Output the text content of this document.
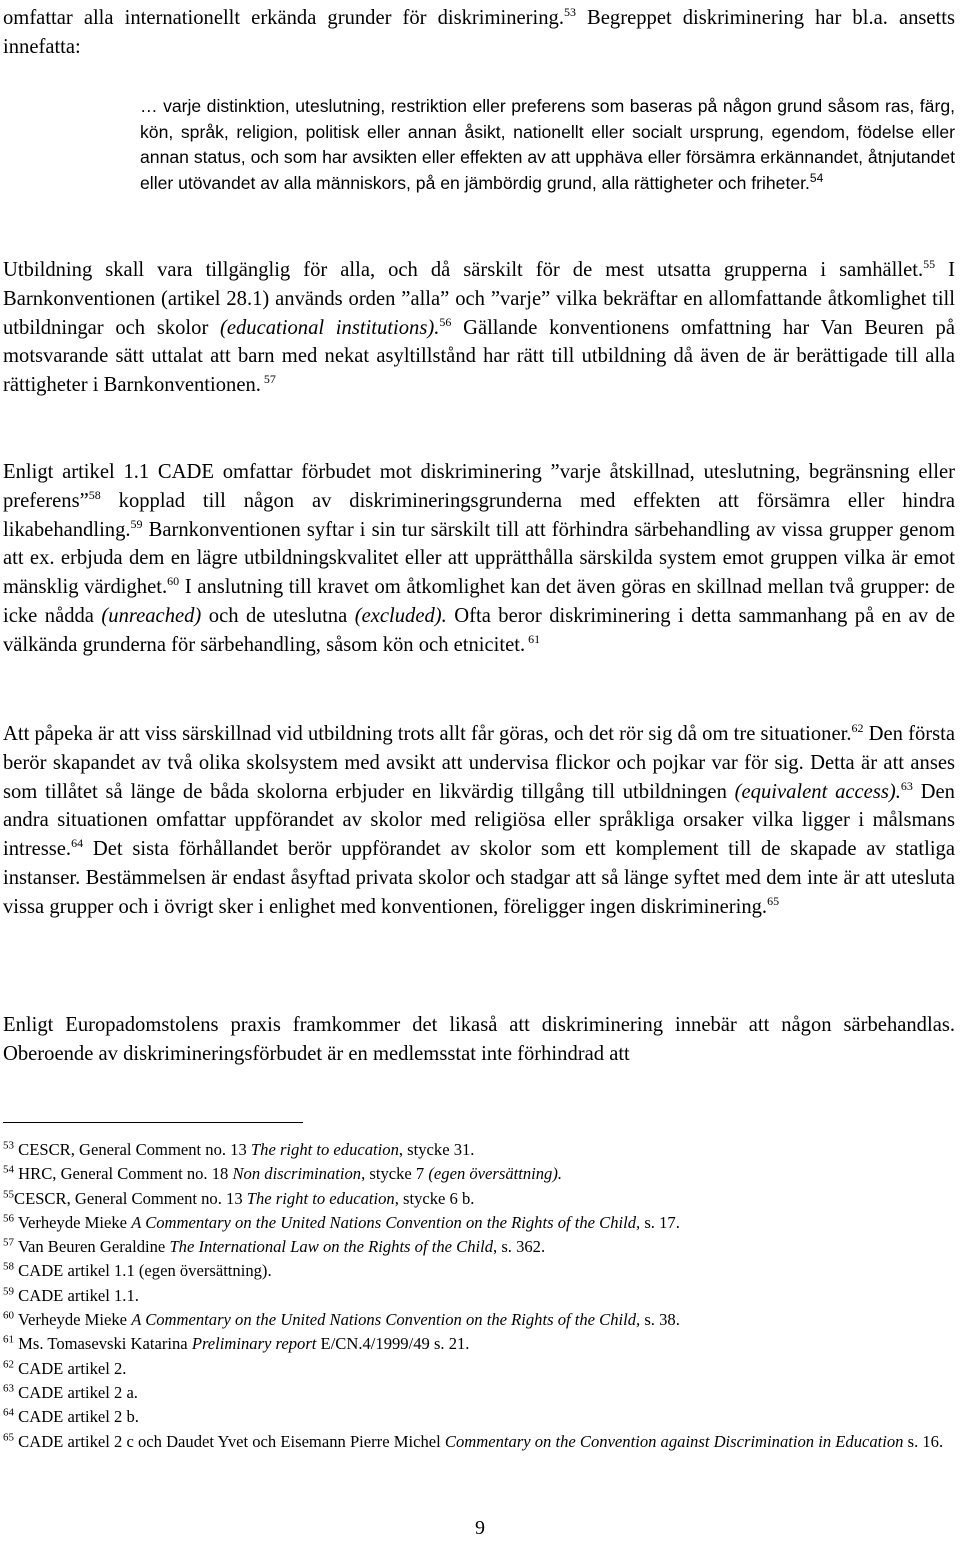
omfattar alla internationellt erkända grunder för diskriminering.$^{53}$ Begreppet diskriminering har bl.a. ansetts innefatta:

… varje distinktion, uteslutning, restriktion eller preferens som baseras på någon grund såsom ras, färg, kön, språk, religion, politisk eller annan åsikt, nationellt eller socialt ursprung, egendom, födelse eller annan status, och som har avsikten eller effekten av att upphäva eller försämra erkännandet, åtnjutandet eller utövandet av alla människors, på en jämbördig grund, alla rättigheter och friheter.$^{54}$

Utbildning skall vara tillgänglig för alla, och då särskilt för de mest utsatta grupperna i samhället.$^{55}$ I Barnkonventionen (artikel 28.1) används orden ”alla” och ”varje” vilka bekräftar en allomfattande åtkomlighet till utbildningar och skolor (educational institutions).$^{56}$ Gällande konventionens omfattning har Van Beuren på motsvarande sätt uttalat att barn med nekat asyltillstånd har rätt till utbildning då även de är berättigade till alla rättigheter i Barnkonventionen. $^{57}$

Enligt artikel 1.1 CADE omfattar förbudet mot diskriminering ”varje åtskillnad, uteslutning, begränsning eller preferens”$^{58}$ kopplad till någon av diskrimineringsgrunderna med effekten att försämra eller hindra likabehandling.$^{59}$ Barnkonventionen syftar i sin tur särskilt till att förhindra särbehandling av vissa grupper genom att ex. erbjuda dem en lägre utbildningskvalitet eller att upprätthålla särskilda system emot gruppen vilka är emot mänsklig värdighet.$^{60}$ I anslutning till kravet om åtkomlighet kan det även göras en skillnad mellan två grupper: de icke nådda (unreached) och de uteslutna (excluded). Ofta beror diskriminering i detta sammanhang på en av de välkända grunderna för särbehandling, såsom kön och etnicitet. $^{61}$

Att påpeka är att viss särskillnad vid utbildning trots allt får göras, och det rör sig då om tre situationer.$^{62}$ Den första berör skapandet av två olika skolsystem med avsikt att undervisa flickor och pojkar var för sig. Detta är att anses som tillåtet så länge de båda skolorna erbjuder en likvärdig tillgång till utbildningen (equivalent access).$^{63}$ Den andra situationen omfattar uppförandet av skolor med religiösa eller språkliga orsaker vilka ligger i målsmans intresse.$^{64}$ Det sista förhållandet berör uppförandet av skolor som ett komplement till de skapade av statliga instanser. Bestämmelsen är endast åsyftad privata skolor och stadgar att så länge syftet med dem inte är att utesluta vissa grupper och i övrigt sker i enlighet med konventionen, föreligger ingen diskriminering.$^{65}$

Enligt Europadomstolens praxis framkommer det likaså att diskriminering innebär att någon särbehandlas. Oberoende av diskrimineringsförbudet är en medlemsstat inte förhindrad att

$^{53}$ CESCR, General Comment no. 13 The right to education, stycke 31.
$^{54}$ HRC, General Comment no. 18 Non discrimination, stycke 7 (egen översättning).
$^{55}$CESCR, General Comment no. 13 The right to education, stycke 6 b.
$^{56}$ Verheyde Mieke A Commentary on the United Nations Convention on the Rights of the Child, s. 17.
$^{57}$ Van Beuren Geraldine The International Law on the Rights of the Child, s. 362.
$^{58}$ CADE artikel 1.1 (egen översättning).
$^{59}$ CADE artikel 1.1.
$^{60}$ Verheyde Mieke A Commentary on the United Nations Convention on the Rights of the Child, s. 38.
$^{61}$ Ms. Tomasevski Katarina Preliminary report E/CN.4/1999/49 s. 21.
$^{62}$ CADE artikel 2.
$^{63}$ CADE artikel 2 a.
$^{64}$ CADE artikel 2 b.
$^{65}$ CADE artikel 2 c och Daudet Yvet och Eisemann Pierre Michel Commentary on the Convention against Discrimination in Education s. 16.
9
